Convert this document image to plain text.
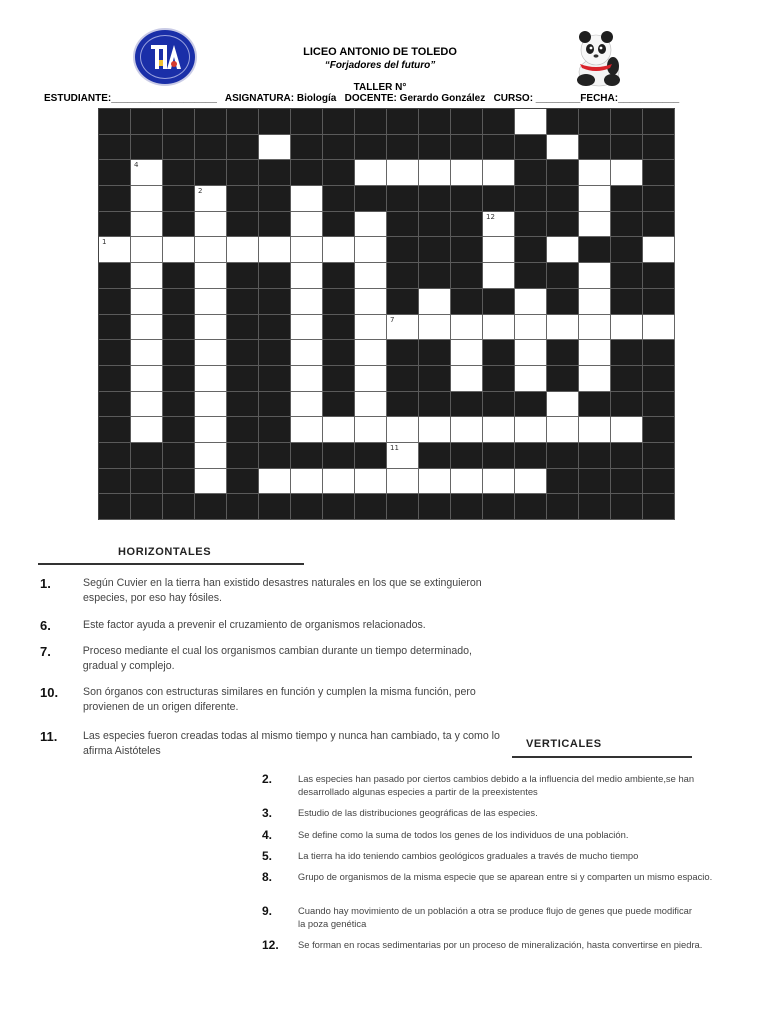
LICEO ANTONIO DE TOLEDO
“Forjadores del futuro”
TALLER N°
ESTUDIANTE:___________________   ASIGNATURA: Biología   DOCENTE: Gerardo González   CURSO: ________FECHA:___________
4
2
12
1
7
11
HORIZONTALES
1.	Según Cuvier en la tierra han existido desastres naturales en los que se extinguieron especies, por eso hay fósiles.
6.	Este factor ayuda a prevenir el cruzamiento de organismos relacionados.
7.	Proceso mediante el cual los organismos cambian durante un tiempo determinado, gradual y complejo.
10.	Son órganos con estructuras similares en función y cumplen la misma función, pero provienen de un origen diferente.
11.	Las especies fueron creadas todas al mismo tiempo y nunca han cambiado, ta y como lo afirma Aistóteles
VERTICALES
2.	Las especies han pasado por ciertos cambios debido a la influencia del medio ambiente,se han desarrollado algunas especies a partir de la preexistentes
3.	Estudio de las distribuciones geográficas de las especies.
4.	Se define como la suma de todos los genes de los individuos de una población.
5.	La tierra ha ido teniendo cambios geológicos graduales a través de mucho tiempo
8.	Grupo de organismos de la misma especie que se aparean entre si y comparten un mismo espacio.
9.	Cuando hay movimiento de un población a otra se produce flujo de genes que puede modificar la poza genética
12.	Se forman en rocas sedimentarias por un proceso de mineralización, hasta convertirse en piedra.
